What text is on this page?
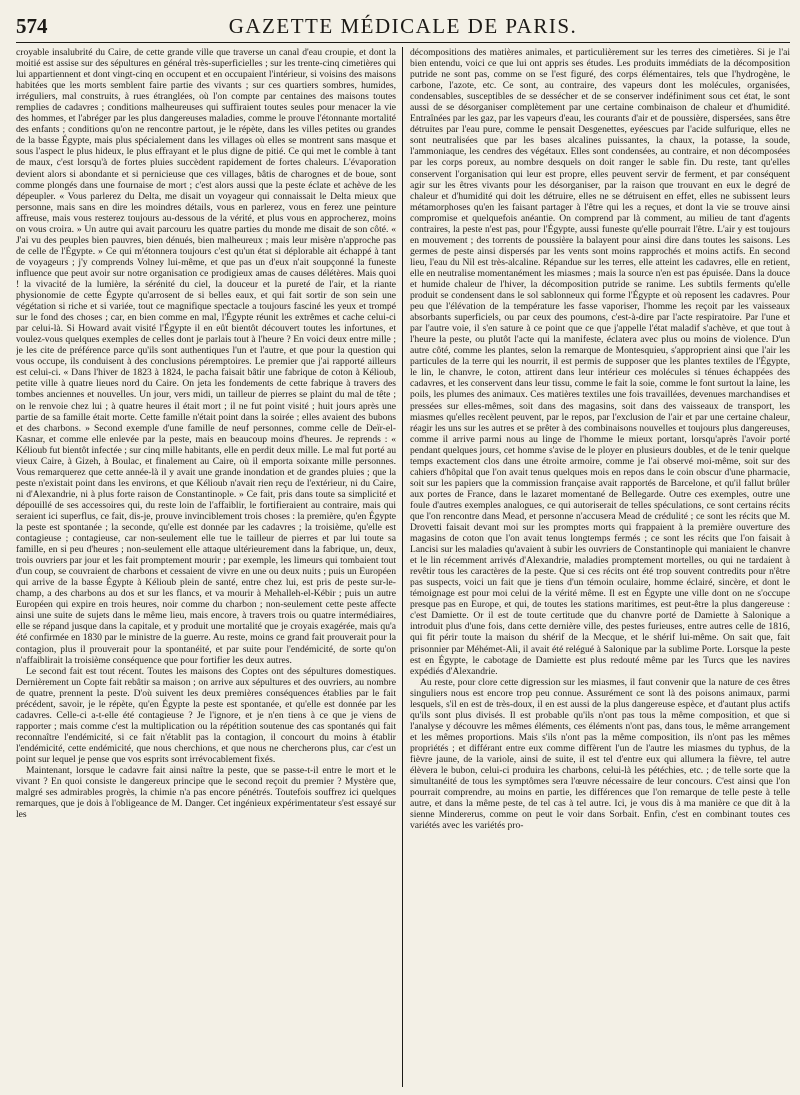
574	GAZETTE MÉDICALE DE PARIS.

croyable insalubrité du Caire, de cette grande ville que traverse un canal d'eau croupie, et dont la moitié est assise sur des sépultures en général très-superficielles ; sur les trente-cinq cimetières qui lui appartiennent et dont vingt-cinq en occupent et en occupaient l'intérieur, si voisins des maisons habitées que les morts semblent faire partie des vivants ; sur ces quartiers sombres, humides, irréguliers, mal construits, à rues étranglées, où l'on compte par centaines des maisons toutes remplies de cadavres ; conditions malheureuses qui suffiraient toutes seules pour menacer la vie des hommes, et l'abréger par les plus dangereuses maladies, comme le prouve l'étonnante mortalité des enfants ; conditions qu'on ne rencontre partout, je le répète, dans les villes petites ou grandes de la basse Égypte, mais plus spécialement dans les villages où elles se montrent sans masque et sous l'aspect le plus hideux, le plus effrayant et le plus digne de pitié. Ce qui met le comble à tant de maux, c'est lorsqu'à de fortes pluies succèdent rapidement de fortes chaleurs. L'évaporation devient alors si abondante et si pernicieuse que ces villages, bâtis de charognes et de boue, sont comme plongés dans une fournaise de mort ; c'est alors aussi que la peste éclate et achève de les dépeupler. « Vous parlerez du Delta, me disait un voyageur qui connaissait le Delta mieux que personne, mais sans en dire les moindres détails, vous en parlerez, vous en ferez une peinture affreuse, mais vous resterez toujours au-dessous de la vérité, et plus vous en approcherez, moins on vous croira. » Un autre qui avait parcouru les quatre parties du monde me disait de son côté. « J'ai vu des peuples bien pauvres, bien dénués, bien malheureux ; mais leur misère n'approche pas de celle de l'Égypte. » Ce qui m'étonnera toujours c'est qu'un état si déplorable ait échappé à tant de voyageurs ; j'y comprends Volney lui-même, et que pas un d'eux n'ait soupçonné la funeste influence que peut avoir sur notre organisation ce prodigieux amas de causes délétères. Mais quoi ! la vivacité de la lumière, la sérénité du ciel, la douceur et la pureté de l'air, et la riante physionomie de cette Égypte qu'arrosent de si belles eaux, et qui fait sortir de son sein une végétation si riche et si variée, tout ce magnifique spectacle a toujours fasciné les yeux et trompé sur le fond des choses ; car, en bien comme en mal, l'Égypte réunit les extrêmes et cache celui-ci par celui-là. Si Howard avait visité l'Égypte il en eût bientôt découvert toutes les infortunes, et voulez-vous quelques exemples de celles dont je parlais tout à l'heure ? En voici deux entre mille ; je les cite de préférence parce qu'ils sont authentiques l'un et l'autre, et que pour la question qui vous occupe, ils conduisent à des conclusions péremptoires. Le premier que j'ai rapporté ailleurs est celui-ci. « Dans l'hiver de 1823 à 1824, le pacha faisait bâtir une fabrique de coton à Kélioub, petite ville à quatre lieues nord du Caire. On jeta les fondements de cette fabrique à travers des tombes anciennes et nouvelles. Un jour, vers midi, un tailleur de pierres se plaint du mal de tête ; on le renvoie chez lui ; à quatre heures il était mort ; il ne fut point visité ; huit jours après une partie de sa famille était morte. Cette famille n'était point dans la soirée ; elles avaient des bubons et des charbons. » Second exemple d'une famille de neuf personnes, comme celle de Deïr-el-Kasnar, et comme elle enlevée par la peste, mais en beaucoup moins d'heures. Je reprends : « Kélioub fut bientôt infectée ; sur cinq mille habitants, elle en perdit deux mille. Le mal fut porté au vieux Caire, à Gizeh, à Boulac, et finalement au Caire, où il emporta soixante mille personnes. Vous remarquerez que cette année-là il y avait une grande inondation et de grandes pluies ; que la peste n'existait point dans les environs, et que Kélioub n'avait rien reçu de l'extérieur, ni du Caire, ni d'Alexandrie, ni à plus forte raison de Constantinople. » Ce fait, pris dans toute sa simplicité et dépouillé de ses accessoires qui, du reste loin de l'affaiblir, le fortifieraient au contraire, mais qui seraient ici superflus, ce fait, dis-je, prouve invinciblement trois choses : la première, qu'en Égypte la peste est spontanée ; la seconde, qu'elle est donnée par les cadavres ; la troisième, qu'elle est contagieuse ; contagieuse, car non-seulement elle tue le tailleur de pierres et par lui toute sa famille, en si peu d'heures ; non-seulement elle attaque ultérieurement dans la fabrique, un, deux, trois ouvriers par jour et les fait promptement mourir ; par exemple, les limeurs qui tombaient tout d'un coup, se couvraient de charbons et cessaient de vivre en une ou deux nuits ; puis un Européen qui arrive de la basse Égypte à Kélioub plein de santé, entre chez lui, est pris de peste sur-le-champ, a des charbons au dos et sur les flancs, et va mourir à Mehalleh-el-Kébir ; puis un autre Européen qui expire en trois heures, noir comme du charbon ; non-seulement cette peste affecte ainsi une suite de sujets dans le même lieu, mais encore, à travers trois ou quatre intermédiaires, elle se répand jusque dans la capitale, et y produit une mortalité que je croyais exagérée, mais qu'a été confirmée en 1830 par le ministre de la guerre. Au reste, moins ce grand fait prouverait pour la contagion, plus il prouverait pour la spontanéité, et par suite pour l'endémicité, de sorte qu'on n'affaiblirait la troisième conséquence que pour fortifier les deux autres.

Le second fait est tout récent. Toutes les maisons des Coptes ont des sépultures domestiques. Dernièrement un Copte fait rebâtir sa maison ; on arrive aux sépultures et des ouvriers, au nombre de quatre, prennent la peste. D'où suivent les deux premières conséquences établies par le fait précédent, savoir, je le répète, qu'en Égypte la peste est spontanée, et qu'elle est donnée par les cadavres. Celle-ci a-t-elle été contagieuse ? Je l'ignore, et je n'en tiens à ce que je viens de rapporter ; mais comme c'est la multiplication ou la répétition soutenue des cas spontanés qui fait reconnaître l'endémicité, si ce fait n'établit pas la contagion, il concourt du moins à établir l'endémicité, cette endémicité, que nous cherchions, et que nous ne chercherons plus, car c'est un point sur lequel je pense que vos esprits sont irrévocablement fixés.

Maintenant, lorsque le cadavre fait ainsi naître la peste, que se passe-t-il entre le mort et le vivant ? En quoi consiste le dangereux principe que le second reçoit du premier ? Mystère que, malgré ses admirables progrès, la chimie n'a pas encore pénétrés. Toutefois souffrez ici quelques remarques, que je dois à l'obligeance de M. Danger. Cet ingénieux expérimentateur s'est essayé sur les

décompositions des matières animales, et particulièrement sur les terres des cimetières. Si je l'ai bien entendu, voici ce que lui ont appris ses études. Les produits immédiats de la décomposition putride ne sont pas, comme on se l'est figuré, des corps élémentaires, tels que l'hydrogène, le carbone, l'azote, etc. Ce sont, au contraire, des vapeurs dont les molécules, organisées, condensables, susceptibles de se dessécher et de se conserver indéfiniment sous cet état, le sont aussi de se désorganiser complètement par une certaine combinaison de chaleur et d'humidité. Entraînées par les gaz, par les vapeurs d'eau, les courants d'air et de poussière, dispersées, sans être détruites par l'eau pure, comme le pensait Desgenettes, eyéescues par l'acide sulfurique, elles ne sont neutralisées que par les bases alcalines puissantes, la chaux, la potasse, la soude, l'ammoniaque, les cendres des végétaux. Elles sont condensées, au contraire, et non décomposées par les corps poreux, au nombre desquels on doit ranger le sable fin. Du reste, tant qu'elles conservent l'organisation qui leur est propre, elles peuvent servir de ferment, et par conséquent agir sur les êtres vivants pour les désorganiser, par la raison que trouvant en eux le degré de chaleur et d'humidité qui doit les détruire, elles ne se détruisent en effet, elles ne subissent leurs métamorphoses qu'en les faisant partager à l'être qui les a reçues, et dont la vie se trouve ainsi compromise et quelquefois anéantie. On comprend par là comment, au milieu de tant d'agents contraires, la peste n'est pas, pour l'Égypte, aussi funeste qu'elle pourrait l'être. L'air y est toujours en mouvement ; des torrents de poussière la balayent pour ainsi dire dans toutes les saisons. Les germes de peste ainsi dispersés par les vents sont moins rapprochés et moins actifs. En second lieu, l'eau du Nil est très-alcaline. Répandue sur les terres, elle atteint les cadavres, elle en retient, elle en neutralise momentanément les miasmes ; mais la source n'en est pas épuisée. Dans la douce et humide chaleur de l'hiver, la décomposition putride se ranime. Les subtils ferments qu'elle produit se condensent dans le sol sablonneux qui forme l'Égypte et où reposent les cadavres. Pour peu que l'élévation de la température les fasse vaporiser, l'homme les reçoit par les vaisseaux absorbants superficiels, ou par ceux des poumons, c'est-à-dire par l'acte respiratoire. Par l'une et par l'autre voie, il s'en sature à ce point que ce que j'appelle l'état maladif s'achève, et que tout à l'heure la peste, ou plutôt l'acte qui la manifeste, éclatera avec plus ou moins de violence. D'un autre côté, comme les plantes, selon la remarque de Montesquieu, s'approprient ainsi que l'air les particules de la terre qui les nourrit, il est permis de supposer que les plantes textiles de l'Égypte, le lin, le chanvre, le coton, attirent dans leur intérieur ces molécules si ténues échappées des cadavres, et les conservent dans leur tissu, comme le fait la soie, comme le font surtout la laine, les poils, les plumes des animaux. Ces matières textiles une fois travaillées, devenues marchandises et pressées sur elles-mêmes, soit dans des magasins, soit dans des vaisseaux de transport, les miasmes qu'elles recèlent peuvent, par le repos, par l'exclusion de l'air et par une certaine chaleur, réagir les uns sur les autres et se prêter à des combinaisons nouvelles et toujours plus dangereuses, comme il arrive parmi nous au linge de l'homme le mieux portant, lorsqu'après l'avoir porté pendant quelques jours, cet homme s'avise de le ployer en plusieurs doubles, et de le tenir quelque temps exactement clos dans une étroite armoire, comme je l'ai observé moi-même, soit sur des cahiers d'hôpital que l'on avait tenus quelques mois en repos dans le coin obscur d'une pharmacie, soit sur les papiers que la commission française avait rapportés de Barcelone, et qu'il fallut brûler aux portes de France, dans le lazaret momentané de Bellegarde. Outre ces exemples, outre une foule d'autres exemples analogues, ce qui autoriserait de telles spéculations, ce sont certains récits que l'on rencontre dans Mead, et personne n'accusera Mead de crédulité ; ce sont les récits que M. Drovetti faisait devant moi sur les promptes morts qui frappaient à la première ouverture des magasins de coton que l'on avait tenus longtemps fermés ; ce sont les récits que l'on faisait à Lancisi sur les maladies qu'avaient à subir les ouvriers de Constantinople qui maniaient le chanvre et le lin récemment arrivés d'Alexandrie, maladies promptement mortelles, ou qui ne tardaient à revêtir tous les caractères de la peste. Que si ces récits ont été trop souvent contredits pour n'être pas suspects, voici un fait que je tiens d'un témoin oculaire, homme éclairé, sincère, et dont le témoignage est pour moi celui de la vérité même. Il est en Égypte une ville dont on ne s'occupe presque pas en Europe, et qui, de toutes les stations maritimes, est peut-être la plus dangereuse : c'est Damiette. Or il est de toute certitude que du chanvre porté de Damiette à Salonique a introduit plus d'une fois, dans cette dernière ville, des pestes furieuses, entre autres celle de 1816, qui fit périr toute la maison du shérif de la Mecque, et le shérif lui-même. On sait que, fait prisonnier par Méhémet-Ali, il avait été relégué à Salonique par la sublime Porte. Lorsque la peste est en Égypte, le cabotage de Damiette est plus redouté même par les Turcs que les navires expédiés d'Alexandrie.

Au reste, pour clore cette digression sur les miasmes, il faut convenir que la nature de ces êtres singuliers nous est encore trop peu connue. Assurément ce sont là des poisons animaux, parmi lesquels, s'il en est de très-doux, il en est aussi de la plus dangereuse espèce, et d'autant plus actifs qu'ils sont plus divisés. Il est probable qu'ils n'ont pas tous la même composition, et que si l'analyse y découvre les mêmes éléments, ces éléments n'ont pas, dans tous, le même arrangement et les mêmes proportions. Mais s'ils n'ont pas la même composition, ils n'ont pas les mêmes propriétés ; et différant entre eux comme diffèrent l'un de l'autre les miasmes du typhus, de la fièvre jaune, de la variole, ainsi de suite, il est tel d'entre eux qui allumera la fièvre, tel autre élèvera le bubon, celui-ci produira les charbons, celui-là les pétéchies, etc. ; de telle sorte que la simultanéité de tous les symptômes sera l'œuvre nécessaire de leur concours. C'est ainsi que l'on pourrait comprendre, au moins en partie, les différences que l'on remarque de telle peste à telle autre, et dans la même peste, de tel cas à tel autre. Ici, je vous dis à ma manière ce que dit à la sienne Mindererus, comme on peut le voir dans Sorbait. Enfin, c'est en combinant toutes ces variétés avec les variétés pro-
